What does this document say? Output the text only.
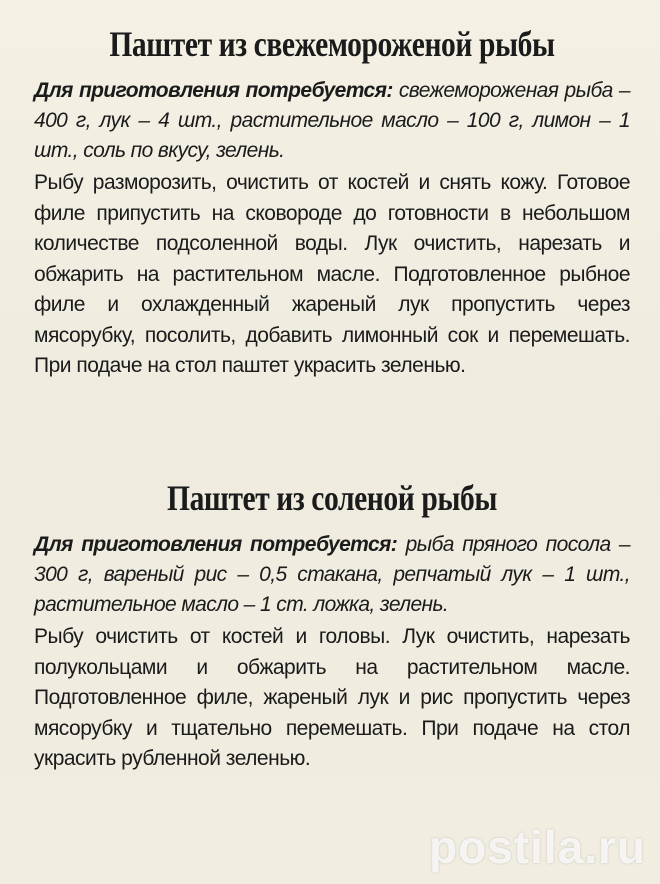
Паштет из свежемороженой рыбы

Для приготовления потребуется: свежемороженая рыба – 400 г, лук – 4 шт., растительное масло – 100 г, лимон – 1 шт., соль по вкусу, зелень.

Рыбу разморозить, очистить от костей и снять кожу. Готовое филе припустить на сковороде до готовности в небольшом количестве подсоленной воды. Лук очистить, нарезать и обжарить на растительном масле. Подготовленное рыбное филе и охлажденный жареный лук пропустить через мясорубку, посолить, добавить лимонный сок и перемешать. При подаче на стол паштет украсить зеленью.

Паштет из соленой рыбы

Для приготовления потребуется: рыба пряного посола –300 г, вареный рис – 0,5 стакана, репчатый лук – 1 шт., растительное масло – 1 ст. ложка, зелень.

Рыбу очистить от костей и головы. Лук очистить, нарезать полукольцами и обжарить на растительном масле. Подготовленное филе, жареный лук и рис пропустить через мясорубку и тщательно перемешать. При подаче на стол украсить рубленной зеленью.

postila.ru
